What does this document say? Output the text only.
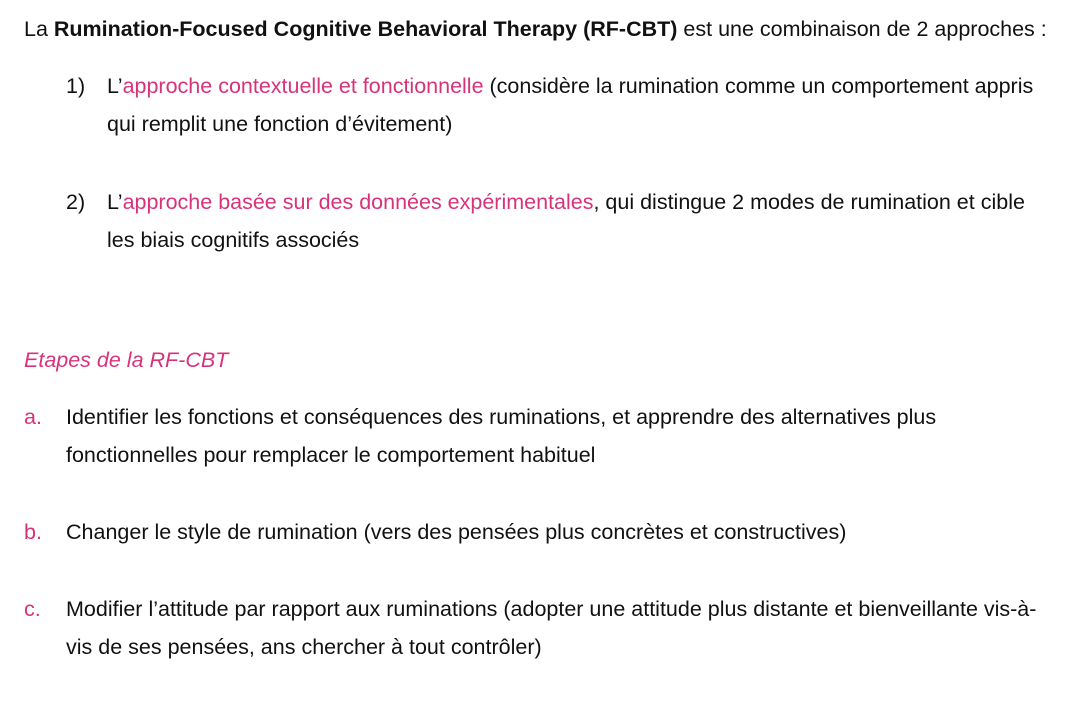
La Rumination-Focused Cognitive Behavioral Therapy (RF-CBT) est une combinaison de 2 approches :

1) L’approche contextuelle et fonctionnelle (considère la rumination comme un comportement appris qui remplit une fonction d’évitement)
2) L’approche basée sur des données expérimentales, qui distingue 2 modes de rumination et cible les biais cognitifs associés

Etapes de la RF-CBT

a. Identifier les fonctions et conséquences des ruminations, et apprendre des alternatives plus fonctionnelles pour remplacer le comportement habituel
b. Changer le style de rumination (vers des pensées plus concrètes et constructives)
c. Modifier l’attitude par rapport aux ruminations (adopter une attitude plus distante et bienveillante vis-à-vis de ses pensées, ans chercher à tout contrôler)
